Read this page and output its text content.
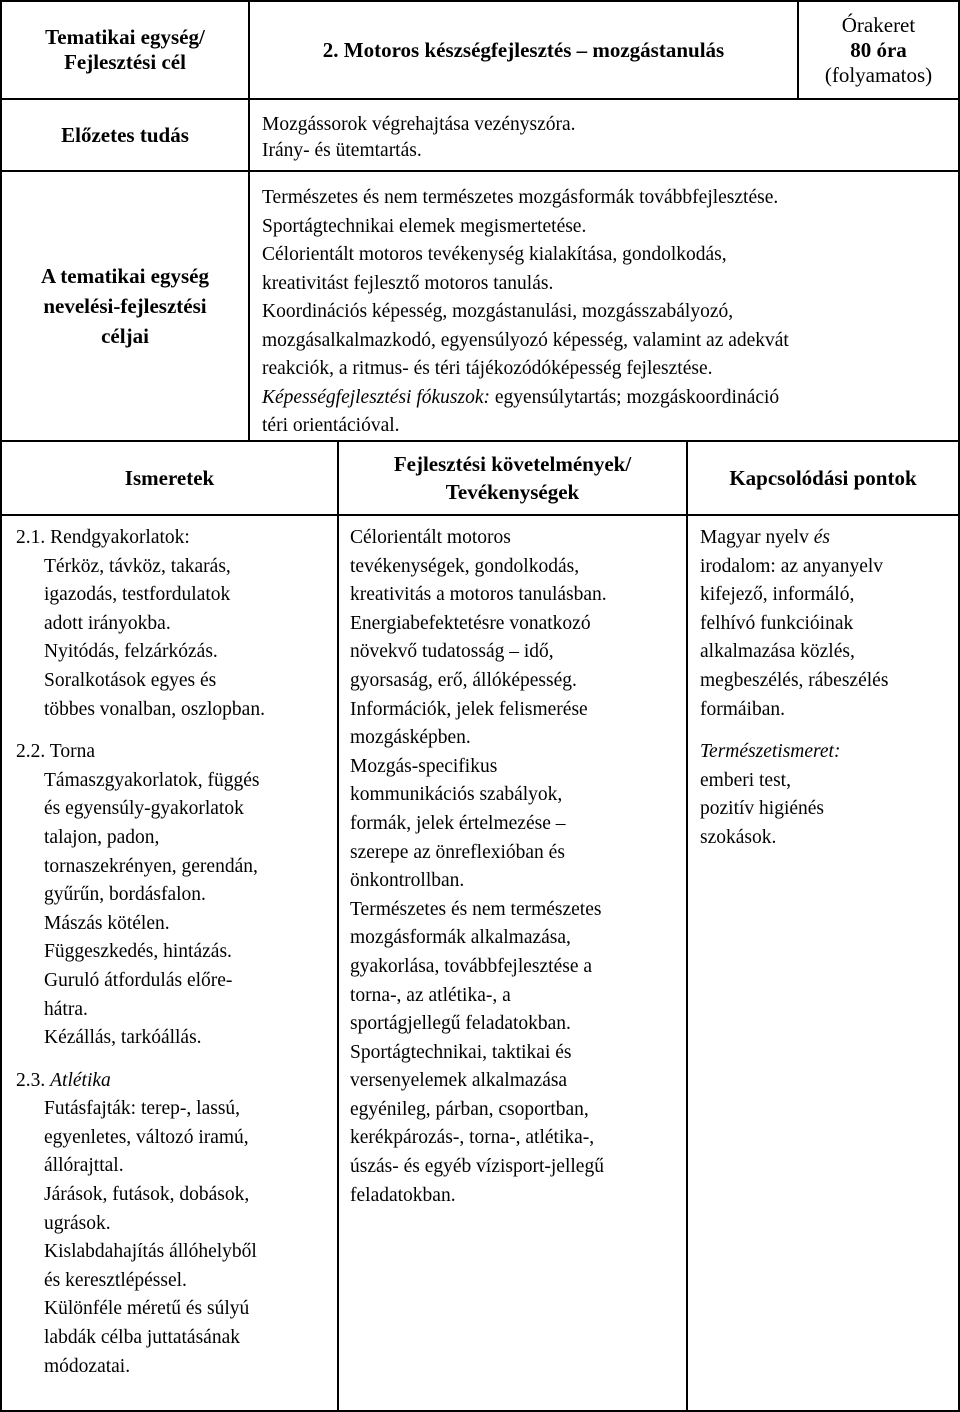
Tematikai egység/
Fejlesztési cél
2. Motoros készségfejlesztés – mozgástanulás
Órakeret
80 óra
(folyamatos)
Előzetes tudás	Mozgássorok végrehajtása vezényszóra.
Irány- és ütemtartás.
A tematikai egység
nevelési-fejlesztési
céljai
Természetes és nem természetes mozgásformák továbbfejlesztése.
Sportágtechnikai elemek megismertetése.
Célorientált motoros tevékenység kialakítása, gondolkodás,
kreativitást fejlesztő motoros tanulás.
Koordinációs képesség, mozgástanulási, mozgásszabályozó,
mozgásalkalmazkodó, egyensúlyozó képesség, valamint az adekvát
reakciók, a ritmus- és téri tájékozódóképesség fejlesztése.
Képességfejlesztési fókuszok: egyensúlytartás; mozgáskoordináció
téri orientációval.
Ismeretek
Fejlesztési követelmények/
Tevékenységek
Kapcsolódási pontok
2.1. Rendgyakorlatok:
Térköz, távköz, takarás,
igazodás, testfordulatok
adott irányokba.
Nyitódás, felzárkózás.
Soralkotások egyes és
többes vonalban, oszlopban.
2.2. Torna
Támaszgyakorlatok, függés
és egyensúly-gyakorlatok
talajon, padon,
tornaszekrényen, gerendán,
gyűrűn, bordásfalon.
Mászás kötélen.
Függeszkedés, hintázás.
Guruló átfordulás előre-
hátra.
Kézállás, tarkóállás.
2.3. Atlétika
Futásfajták: terep-, lassú,
egyenletes, változó iramú,
állórajttal.
Járások, futások, dobások,
ugrások.
Kislabdahajítás állóhelyből
és keresztlépéssel.
Különféle méretű és súlyú
labdák célba juttatásának
módozatai.
Célorientált motoros
tevékenységek, gondolkodás,
kreativitás a motoros tanulásban.
Energiabefektetésre vonatkozó
növekvő tudatosság – idő,
gyorsaság, erő, állóképesség.
Információk, jelek felismerése
mozgásképben.
Mozgás-specifikus
kommunikációs szabályok,
formák, jelek értelmezése –
szerepe az önreflexióban és
önkontrollban.
Természetes és nem természetes
mozgásformák alkalmazása,
gyakorlása, továbbfejlesztése a
torna-, az atlétika-, a
sportágjellegű feladatokban.
Sportágtechnikai, taktikai és
versenyelemek alkalmazása
egyénileg, párban, csoportban,
kerékpározás-, torna-, atlétika-,
úszás- és egyéb vízisport-jellegű
feladatokban.
Magyar nyelv és
irodalom: az anyanyelv
kifejező, informáló,
felhívó funkcióinak
alkalmazása közlés,
megbeszélés, rábeszélés
formáiban.
Természetismeret:
emberi test,
pozitív higiénés
szokások.
